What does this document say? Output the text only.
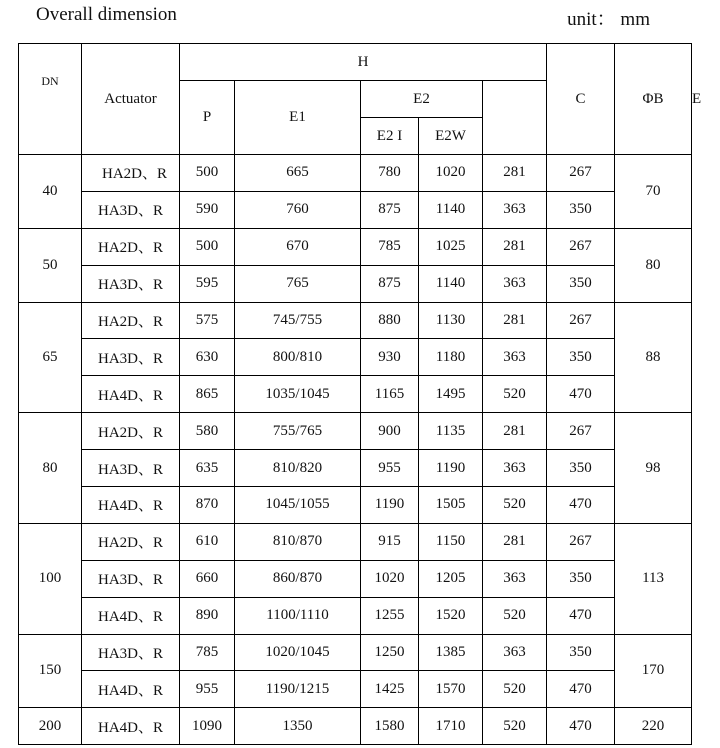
Overall dimension	unit： mm
DN	Actuator	H					C	ΦB	E
		P	E1	E2					
				E2 I	E2W				
40	HA2D、R	500	665	780	1020	281	267	70	
	HA3D、R	590	760	875	1140	363	350		
50	HA2D、R	500	670	785	1025	281	267	80	
	HA3D、R	595	765	875	1140	363	350		
65	HA2D、R	575	745/755	880	1130	281	267	88	
	HA3D、R	630	800/810	930	1180	363	350		
	HA4D、R	865	1035/1045	1165	1495	520	470		
80	HA2D、R	580	755/765	900	1135	281	267	98	
	HA3D、R	635	810/820	955	1190	363	350		
	HA4D、R	870	1045/1055	1190	1505	520	470		
100	HA2D、R	610	810/870	915	1150	281	267	113	
	HA3D、R	660	860/870	1020	1205	363	350		
	HA4D、R	890	1100/1110	1255	1520	520	470		
150	HA3D、R	785	1020/1045	1250	1385	363	350	170	
	HA4D、R	955	1190/1215	1425	1570	520	470		
200	HA4D、R	1090	1350	1580	1710	520	470	220	
